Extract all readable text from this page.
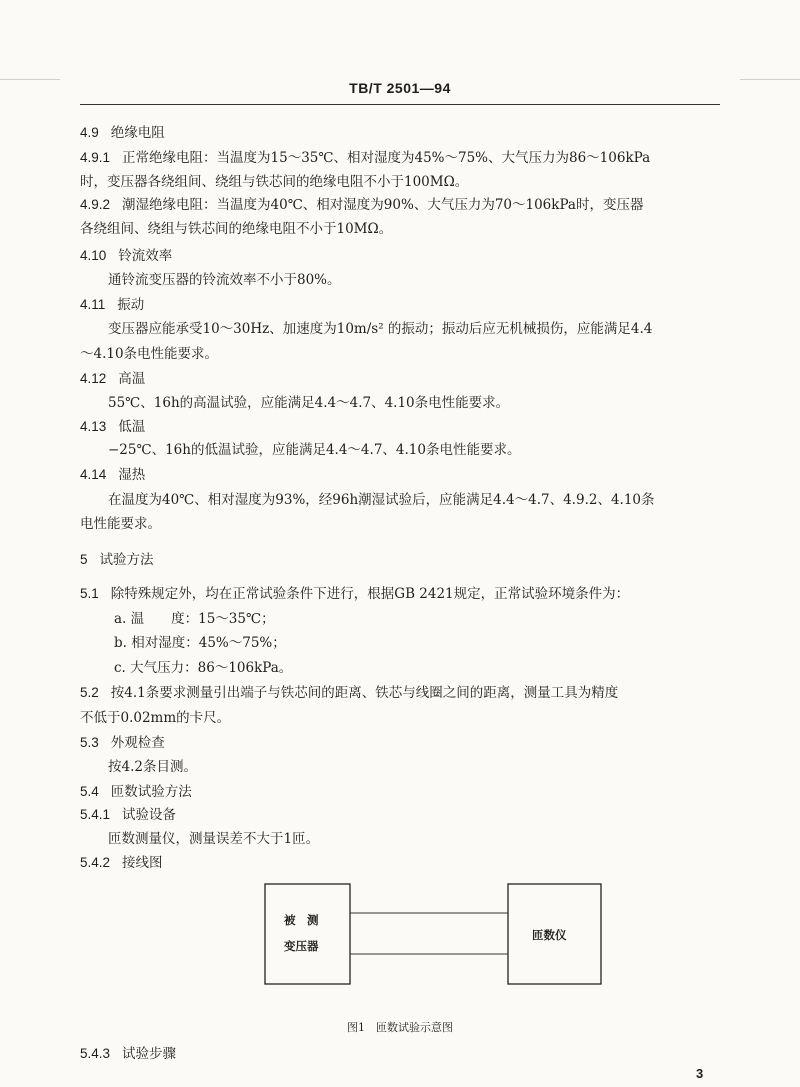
TB/T 2501—94
4.9 绝缘电阻
4.9.1 正常绝缘电阻：当温度为15～35℃、相对湿度为45%～75%、大气压力为86～106kPa
时，变压器各绕组间、绕组与铁芯间的绝缘电阻不小于100MΩ。
4.9.2 潮湿绝缘电阻：当温度为40℃、相对湿度为90%、大气压力为70～106kPa时，变压器
各绕组间、绕组与铁芯间的绝缘电阻不小于10MΩ。
4.10 铃流效率
通铃流变压器的铃流效率不小于80%。
4.11 振动
变压器应能承受10～30Hz、加速度为10m/s² 的振动；振动后应无机械损伤，应能满足4.4
～4.10条电性能要求。
4.12 高温
55℃、16h的高温试验，应能满足4.4～4.7、4.10条电性能要求。
4.13 低温
−25℃、16h的低温试验，应能满足4.4～4.7、4.10条电性能要求。
4.14 湿热
在温度为40℃、相对湿度为93%，经96h潮湿试验后，应能满足4.4～4.7、4.9.2、4.10条
电性能要求。
5 试验方法
5.1 除特殊规定外，均在正常试验条件下进行，根据GB 2421规定，正常试验环境条件为：
a. 温　　度：15～35℃；
b. 相对湿度：45%～75%；
c. 大气压力：86～106kPa。
5.2 按4.1条要求测量引出端子与铁芯间的距离、铁芯与线圈之间的距离，测量工具为精度
不低于0.02mm的卡尺。
5.3 外观检查
按4.2条目测。
5.4 匝数试验方法
5.4.1 试验设备
匝数测量仪，测量误差不大于1匝。
5.4.2 接线图
5.4.3 试验步骤
被　测
变压器
匝数仪
图1　匝数试验示意图
3
